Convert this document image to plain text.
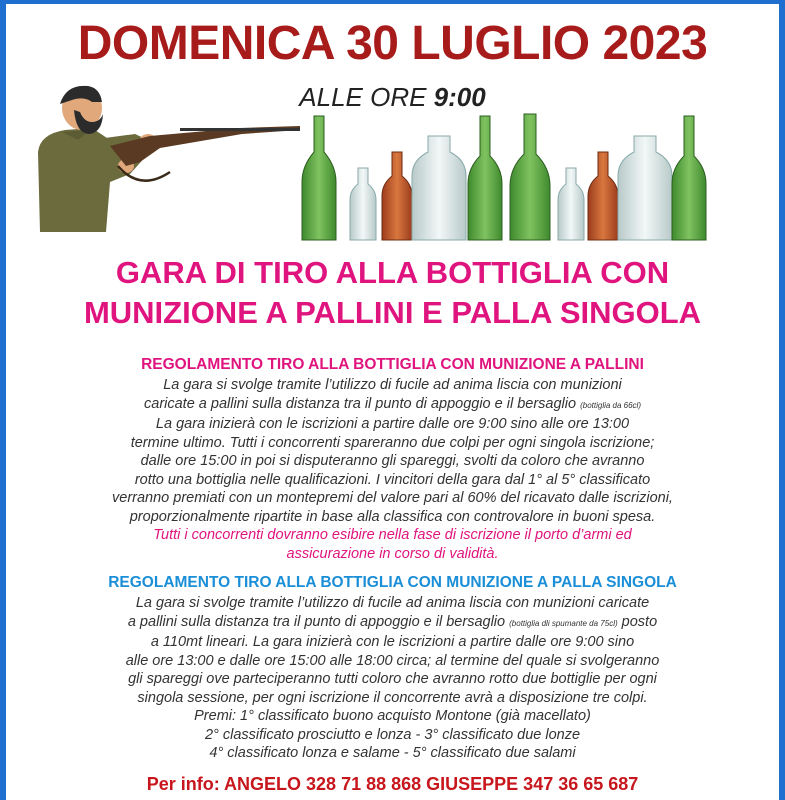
DOMENICA 30 LUGLIO 2023
ALLE ORE 9:00
GARA DI TIRO ALLA BOTTIGLIA CON
MUNIZIONE A PALLINI E PALLA SINGOLA
REGOLAMENTO TIRO ALLA BOTTIGLIA CON MUNIZIONE A PALLINI
La gara si svolge tramite l’utilizzo di fucile ad anima liscia con munizioni
caricate a pallini sulla distanza tra il punto di appoggio e il bersaglio (bottiglia da 66cl)
La gara inizierà con le iscrizioni a partire dalle ore 9:00 sino alle ore 13:00
termine ultimo. Tutti i concorrenti spareranno due colpi per ogni singola iscrizione;
dalle ore 15:00 in poi si disputeranno gli spareggi, svolti da coloro che avranno
rotto una bottiglia nelle qualificazioni. I vincitori della gara dal 1° al 5° classificato
verranno premiati con un montepremi del valore pari al 60% del ricavato dalle iscrizioni,
proporzionalmente ripartite in base alla classifica con controvalore in buoni spesa.
Tutti i concorrenti dovranno esibire nella fase di iscrizione il porto d’armi ed
assicurazione in corso di validità.
REGOLAMENTO TIRO ALLA BOTTIGLIA CON MUNIZIONE A PALLA SINGOLA
La gara si svolge tramite l’utilizzo di fucile ad anima liscia con munizioni caricate
a pallini sulla distanza tra il punto di appoggio e il bersaglio (bottiglia dli spumante da 75cl) posto
a 110mt lineari. La gara inizierà con le iscrizioni a partire dalle ore 9:00 sino
alle ore 13:00 e dalle ore 15:00 alle 18:00 circa; al termine del quale si svolgeranno
gli spareggi ove parteciperanno tutti coloro che avranno rotto due bottiglie per ogni
singola sessione, per ogni iscrizione il concorrente avrà a disposizione tre colpi.
Premi: 1° classificato buono acquisto Montone (già macellato)
2° classificato prosciutto e lonza - 3° classificato due lonze
4° classificato lonza e salame - 5° classificato due salami
Per info: ANGELO 328 71 88 868 GIUSEPPE 347 36 65 687
